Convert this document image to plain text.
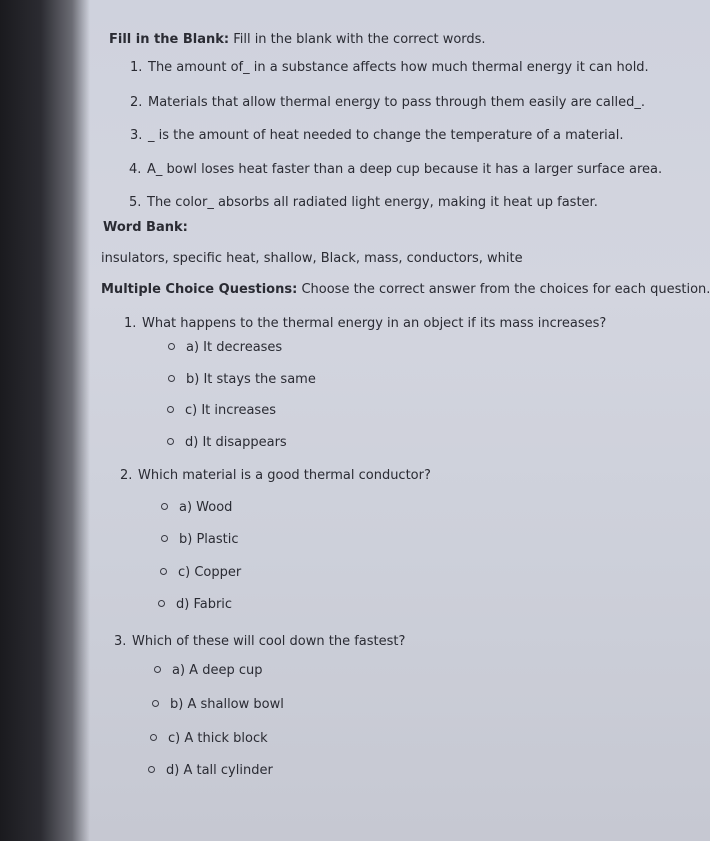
Fill in the Blank: Fill in the blank with the correct words.
1. The amount of_ in a substance affects how much thermal energy it can hold.
2. Materials that allow thermal energy to pass through them easily are called_.
3. _ is the amount of heat needed to change the temperature of a material.
4. A_ bowl loses heat faster than a deep cup because it has a larger surface area.
5. The color_ absorbs all radiated light energy, making it heat up faster.
Word Bank:
insulators, specific heat, shallow, Black, mass, conductors, white
Multiple Choice Questions: Choose the correct answer from the choices for each question.
1. What happens to the thermal energy in an object if its mass increases?
a) It decreases
b) It stays the same
c) It increases
d) It disappears
2. Which material is a good thermal conductor?
a) Wood
b) Plastic
c) Copper
d) Fabric
3. Which of these will cool down the fastest?
a) A deep cup
b) A shallow bowl
c) A thick block
d) A tall cylinder
